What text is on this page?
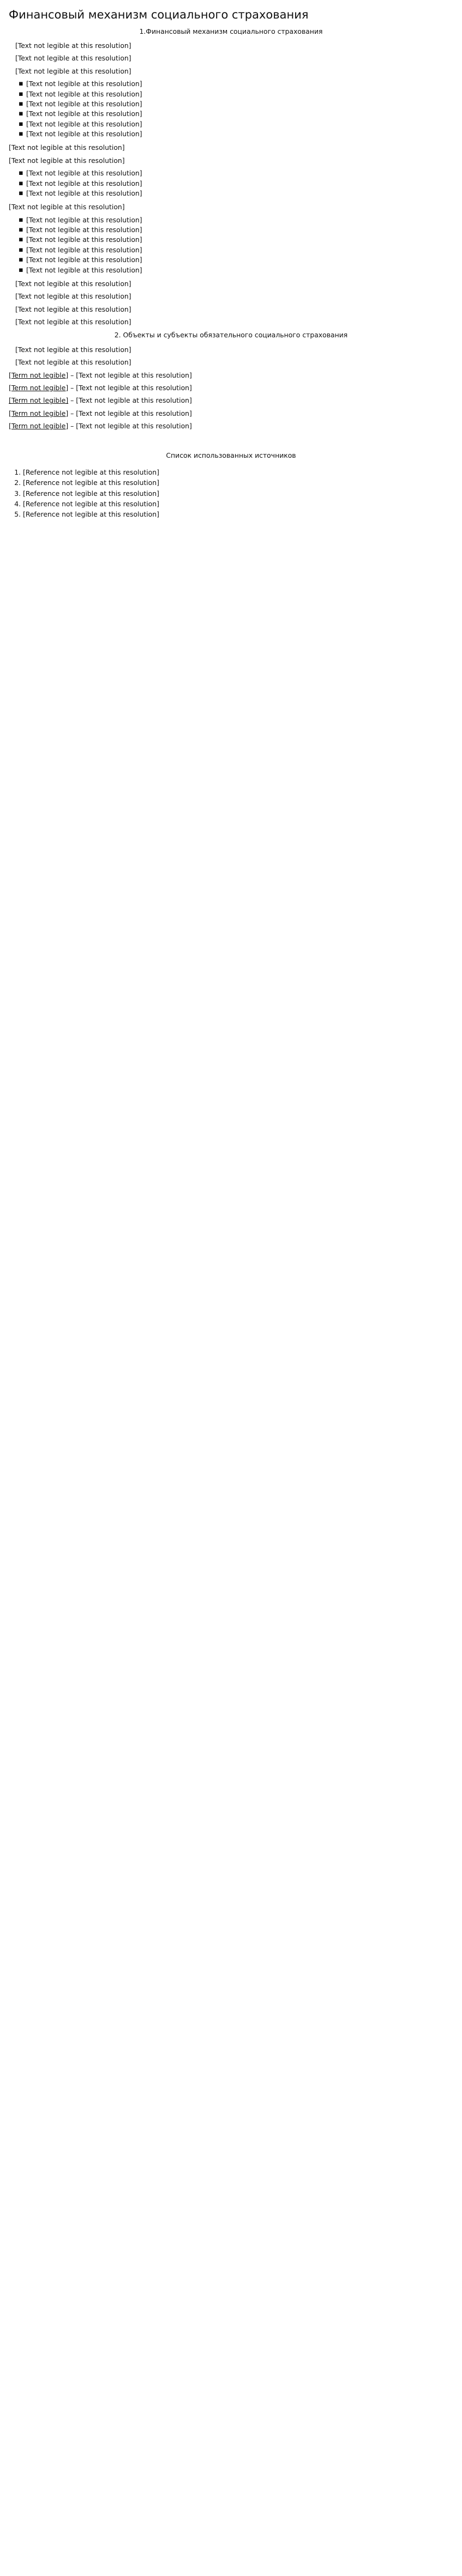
Финансовый механизм социального страхования
1.Финансовый механизм социального страхования

[Text not legible at this resolution]

[Text not legible at this resolution]

[Text not legible at this resolution]

▪ [Text not legible at this resolution]
▪ [Text not legible at this resolution]
▪ [Text not legible at this resolution]
▪ [Text not legible at this resolution]
▪ [Text not legible at this resolution]
▪ [Text not legible at this resolution]

[Text not legible at this resolution]

[Text not legible at this resolution]

▪ [Text not legible at this resolution]
▪ [Text not legible at this resolution]
▪ [Text not legible at this resolution]

[Text not legible at this resolution]

▪ [Text not legible at this resolution]
▪ [Text not legible at this resolution]
▪ [Text not legible at this resolution]
▪ [Text not legible at this resolution]
▪ [Text not legible at this resolution]
▪ [Text not legible at this resolution]

[Text not legible at this resolution]

[Text not legible at this resolution]

[Text not legible at this resolution]

[Text not legible at this resolution]

2. Объекты и субъекты обязательного социального страхования

[Text not legible at this resolution]

[Text not legible at this resolution]

[Term not legible] – [Text not legible at this resolution]

[Term not legible] – [Text not legible at this resolution]

[Term not legible] – [Text not legible at this resolution]

[Term not legible] – [Text not legible at this resolution]

[Term not legible] – [Text not legible at this resolution]

Список использованных источников
1. [Reference not legible at this resolution]
2. [Reference not legible at this resolution]
3. [Reference not legible at this resolution]
4. [Reference not legible at this resolution]
5. [Reference not legible at this resolution]
